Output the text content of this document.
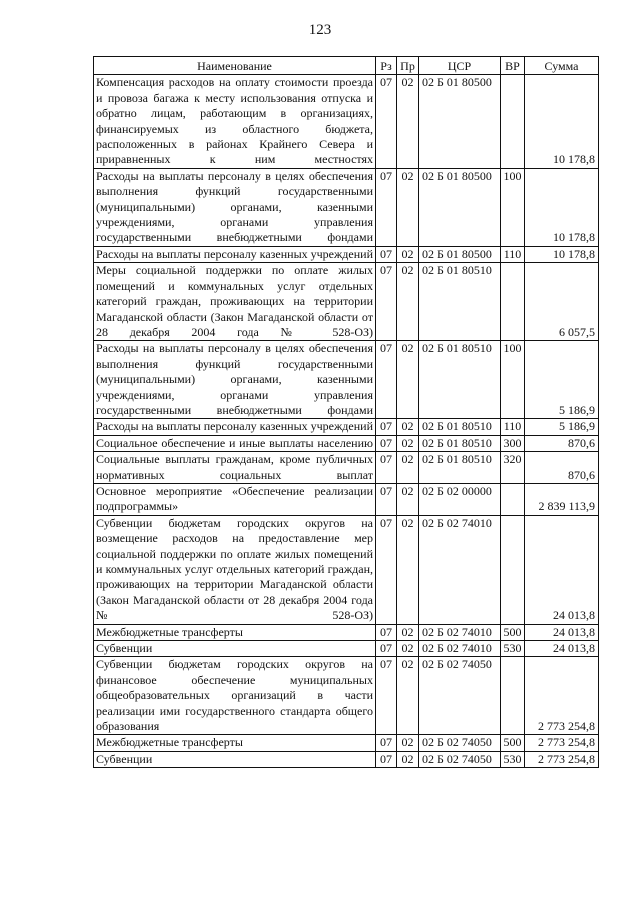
123
Наименование	Рз	Пр	ЦСР	ВР	Сумма
Компенсация расходов на оплату стоимости проезда и провоза багажа к месту использования отпуска и обратно лицам, работающим в организациях, финансируемых из областного бюджета, расположенных в районах Крайнего Севера и приравненных к ним местностях	07	02	02 Б 01 80500		10 178,8
Расходы на выплаты персоналу в целях обеспечения выполнения функций государственными (муниципальными) органами, казенными учреждениями, органами управления государственными внебюджетными фондами	07	02	02 Б 01 80500	100	10 178,8
Расходы на выплаты персоналу казенных учреждений	07	02	02 Б 01 80500	110	10 178,8
Меры социальной поддержки по оплате жилых помещений и коммунальных услуг отдельных категорий граждан, проживающих на территории Магаданской области (Закон Магаданской области от 28 декабря 2004 года № 528-ОЗ)	07	02	02 Б 01 80510		6 057,5
Расходы на выплаты персоналу в целях обеспечения выполнения функций государственными (муниципальными) органами, казенными учреждениями, органами управления государственными внебюджетными фондами	07	02	02 Б 01 80510	100	5 186,9
Расходы на выплаты персоналу казенных учреждений	07	02	02 Б 01 80510	110	5 186,9
Социальное обеспечение и иные выплаты населению	07	02	02 Б 01 80510	300	870,6
Социальные выплаты гражданам, кроме публичных нормативных социальных выплат	07	02	02 Б 01 80510	320	870,6
Основное мероприятие «Обеспечение реализации подпрограммы»	07	02	02 Б 02 00000		2 839 113,9
Субвенции бюджетам городских округов на возмещение расходов на предоставление мер социальной поддержки по оплате жилых помещений и коммунальных услуг отдельных категорий граждан, проживающих на территории Магаданской области (Закон Магаданской области от 28 декабря 2004 года № 528-ОЗ)	07	02	02 Б 02 74010		24 013,8
Межбюджетные трансферты	07	02	02 Б 02 74010	500	24 013,8
Субвенции	07	02	02 Б 02 74010	530	24 013,8
Субвенции бюджетам городских округов на финансовое обеспечение муниципальных общеобразовательных организаций в части реализации ими государственного стандарта общего образования	07	02	02 Б 02 74050		2 773 254,8
Межбюджетные трансферты	07	02	02 Б 02 74050	500	2 773 254,8
Субвенции	07	02	02 Б 02 74050	530	2 773 254,8
